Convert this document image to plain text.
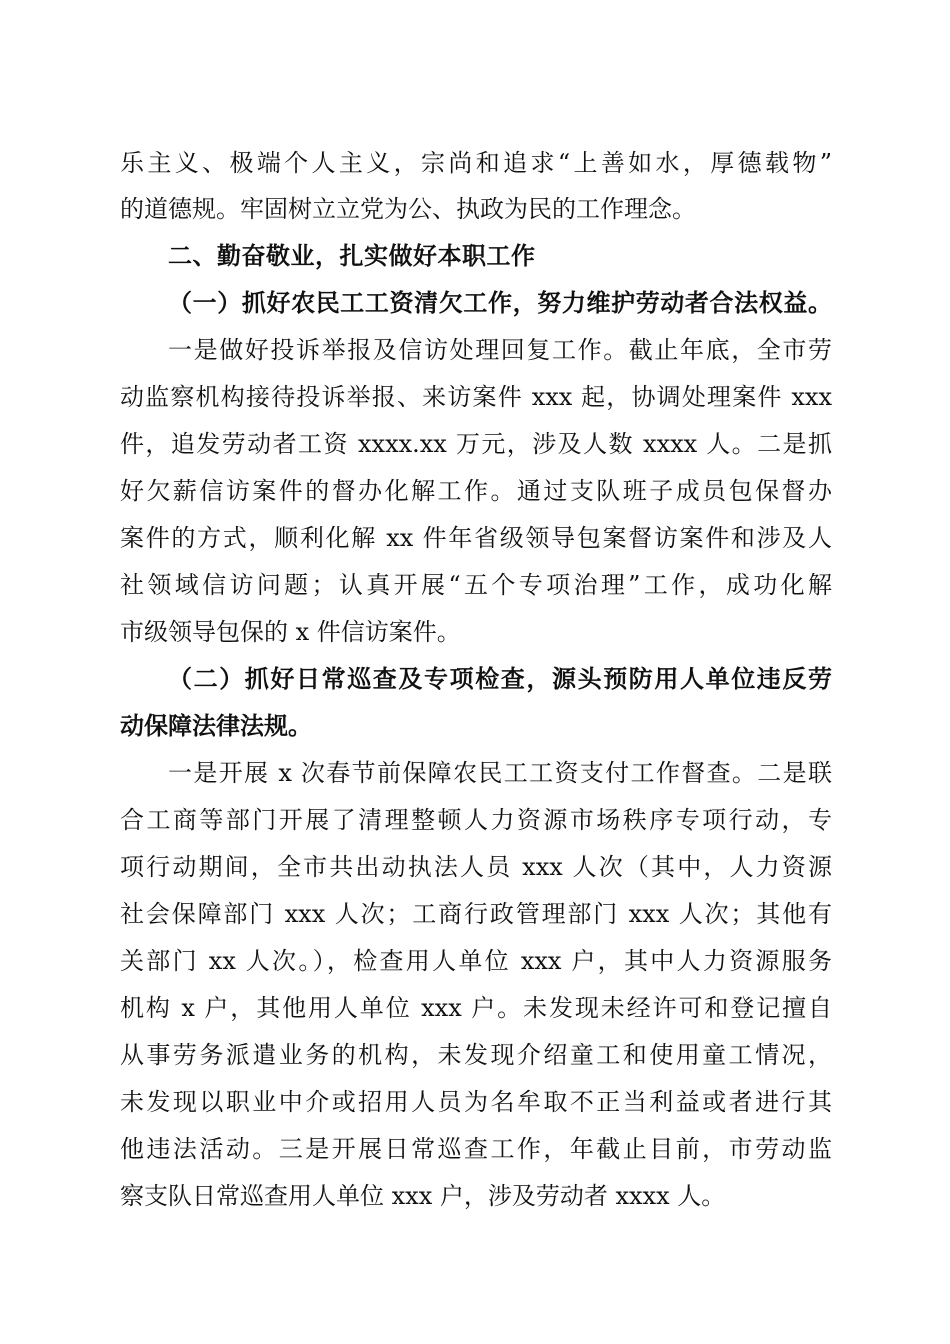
乐主义、极端个人主义，宗尚和追求“上善如水，厚德载物”
的道德规。牢固树立立党为公、执政为民的工作理念。
二、勤奋敬业，扎实做好本职工作
（一）抓好农民工工资清欠工作，努力维护劳动者合法权益。
一是做好投诉举报及信访处理回复工作。截止年底，全市劳
动监察机构接待投诉举报、来访案件 xxx 起，协调处理案件 xxx
件，追发劳动者工资 xxxx.xx 万元，涉及人数 xxxx 人。二是抓
好欠薪信访案件的督办化解工作。通过支队班子成员包保督办
案件的方式，顺利化解 xx 件年省级领导包案督访案件和涉及人
社领域信访问题；认真开展“五个专项治理”工作，成功化解
市级领导包保的 x 件信访案件。
（二）抓好日常巡查及专项检查，源头预防用人单位违反劳
动保障法律法规。
一是开展 x 次春节前保障农民工工资支付工作督查。二是联
合工商等部门开展了清理整顿人力资源市场秩序专项行动，专
项行动期间，全市共出动执法人员 xxx 人次（其中，人力资源
社会保障部门 xxx 人次；工商行政管理部门 xxx 人次；其他有
关部门 xx 人次。），检查用人单位 xxx 户，其中人力资源服务
机构 x 户，其他用人单位 xxx 户。未发现未经许可和登记擅自
从事劳务派遣业务的机构，未发现介绍童工和使用童工情况，
未发现以职业中介或招用人员为名牟取不正当利益或者进行其
他违法活动。三是开展日常巡查工作，年截止目前，市劳动监
察支队日常巡查用人单位 xxx 户，涉及劳动者 xxxx 人。
